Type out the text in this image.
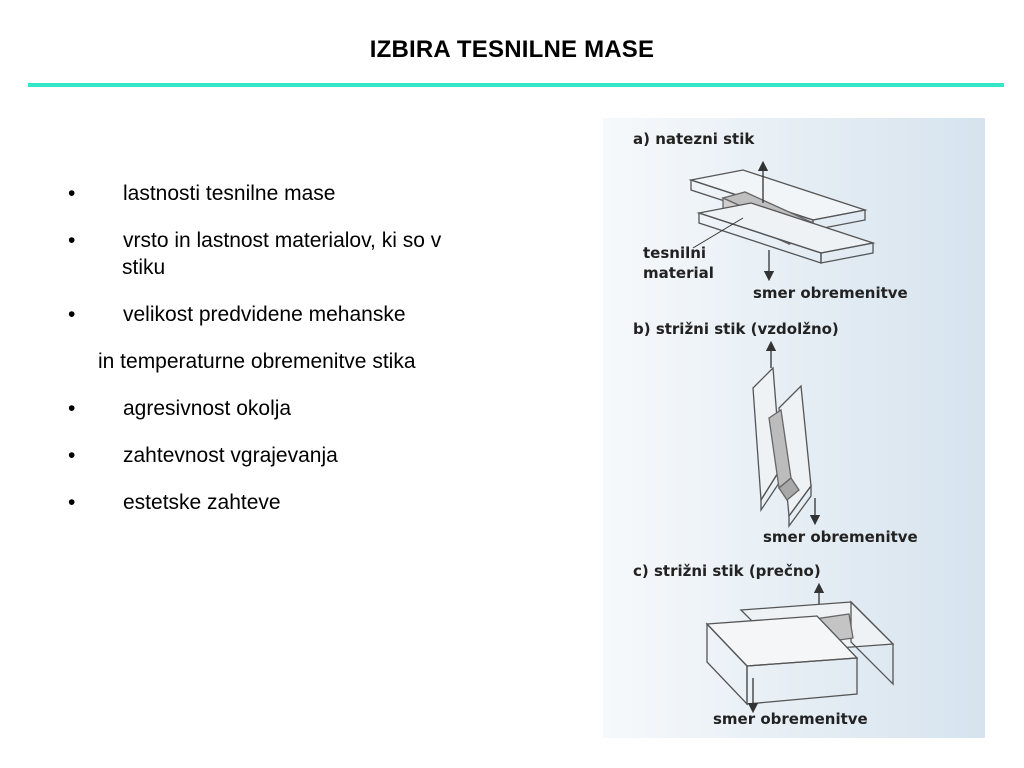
IZBIRA TESNILNE MASE
•	lastnosti tesnilne mase
•	vrsto in lastnost materialov, ki so v
stiku
•	velikost predvidene mehanske
in temperaturne obremenitve stika
•	agresivnost okolja
•	zahtevnost vgrajevanja
•	estetske zahteve
a) natezni stik
tesnilni
material
smer obremenitve
b) strižni stik (vzdolžno)
smer obremenitve
c) strižni stik (prečno)
smer obremenitve
